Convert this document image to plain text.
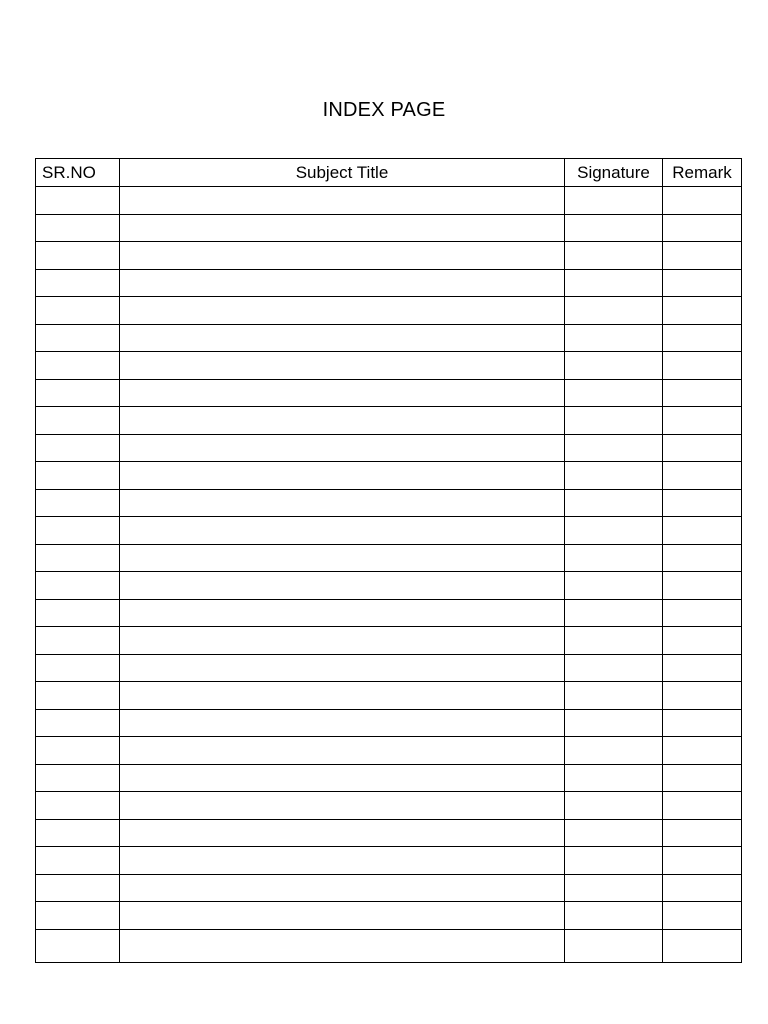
INDEX PAGE
SR.NO	Subject Title	Signature	Remark
